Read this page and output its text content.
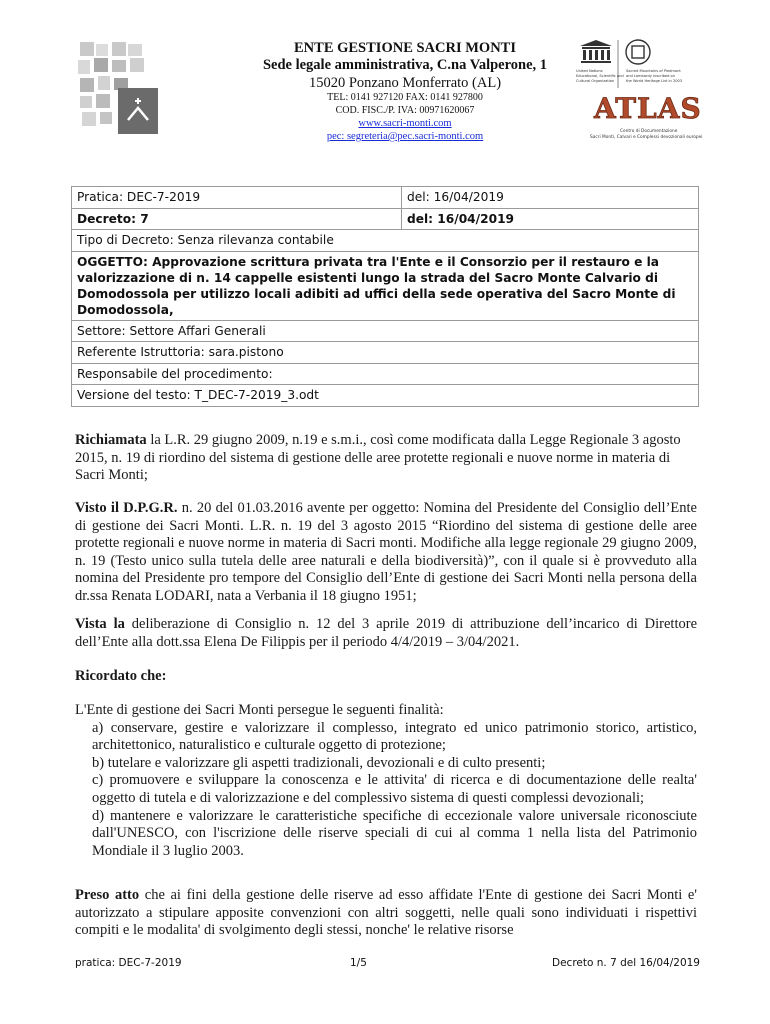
ENTE GESTIONE SACRI MONTI
Sede legale amministrativa, C.na Valperone, 1
15020 Ponzano Monferrato (AL)
TEL: 0141 927120 FAX: 0141 927800
COD. FISC./P. IVA: 00971620067
www.sacri-monti.com
pec: segreteria@pec.sacri-monti.com
United Nations
Educational, Scientific and
Cultural Organization
Sacred Mountains of Piedmont
and Lombardy inscribed on
the World Heritage List in 2003
ATLAS
Centro di Documentazione
Sacri Monti, Calvari e Complessi devozionali europei
Pratica: DEC-7-2019	del: 16/04/2019
Decreto: 7	del: 16/04/2019
Tipo di Decreto: Senza rilevanza contabile	
OGGETTO: Approvazione scrittura privata tra l'Ente e il Consorzio per il restauro e la valorizzazione di n. 14 cappelle esistenti lungo la strada del Sacro Monte Calvario di Domodossola per utilizzo locali adibiti ad uffici della sede operativa del Sacro Monte di Domodossola,	
Settore: Settore Affari Generali	
Referente Istruttoria: sara.pistono	
Responsabile del procedimento:	
Versione del testo: T_DEC-7-2019_3.odt	
Richiamata la L.R. 29 giugno 2009, n.19 e s.m.i., così come modificata dalla Legge Regionale 3 agosto 2015, n. 19 di riordino del sistema di gestione delle aree protette regionali e nuove norme in materia di Sacri Monti;
Visto il D.P.G.R. n. 20 del 01.03.2016 avente per oggetto: Nomina del Presidente del Consiglio dell’Ente di gestione dei Sacri Monti. L.R. n. 19 del 3 agosto 2015 “Riordino del sistema di gestione delle aree protette regionali e nuove norme in materia di Sacri monti. Modifiche alla legge regionale 29 giugno 2009, n. 19 (Testo unico sulla tutela delle aree naturali e della biodiversità)”, con il quale si è provveduto alla nomina del Presidente pro tempore del Consiglio dell’Ente di gestione dei Sacri Monti nella persona della dr.ssa Renata LODARI, nata a Verbania il 18 giugno 1951;
Vista la deliberazione di Consiglio n. 12 del 3 aprile 2019 di attribuzione dell’incarico di Direttore dell’Ente alla dott.ssa Elena De Filippis per il periodo 4/4/2019 – 3/04/2021.
Ricordato che:
L'Ente di gestione dei Sacri Monti persegue le seguenti finalità:
a) conservare, gestire e valorizzare il complesso, integrato ed unico patrimonio storico, artistico, architettonico, naturalistico e culturale oggetto di protezione;
b) tutelare e valorizzare gli aspetti tradizionali, devozionali e di culto presenti;
c) promuovere e sviluppare la conoscenza e le attivita' di ricerca e di documentazione delle realta' oggetto di tutela e di valorizzazione e del complessivo sistema di questi complessi devozionali;
d) mantenere e valorizzare le caratteristiche specifiche di eccezionale valore universale riconosciute dall'UNESCO, con l'iscrizione delle riserve speciali di cui al comma 1 nella lista del Patrimonio Mondiale il 3 luglio 2003.
Preso atto che ai fini della gestione delle riserve ad esso affidate l'Ente di gestione dei Sacri Monti e' autorizzato a stipulare apposite convenzioni con altri soggetti, nelle quali sono individuati i rispettivi compiti e le modalita' di svolgimento degli stessi, nonche' le relative risorse
pratica: DEC-7-2019	1/5	Decreto n. 7 del 16/04/2019
